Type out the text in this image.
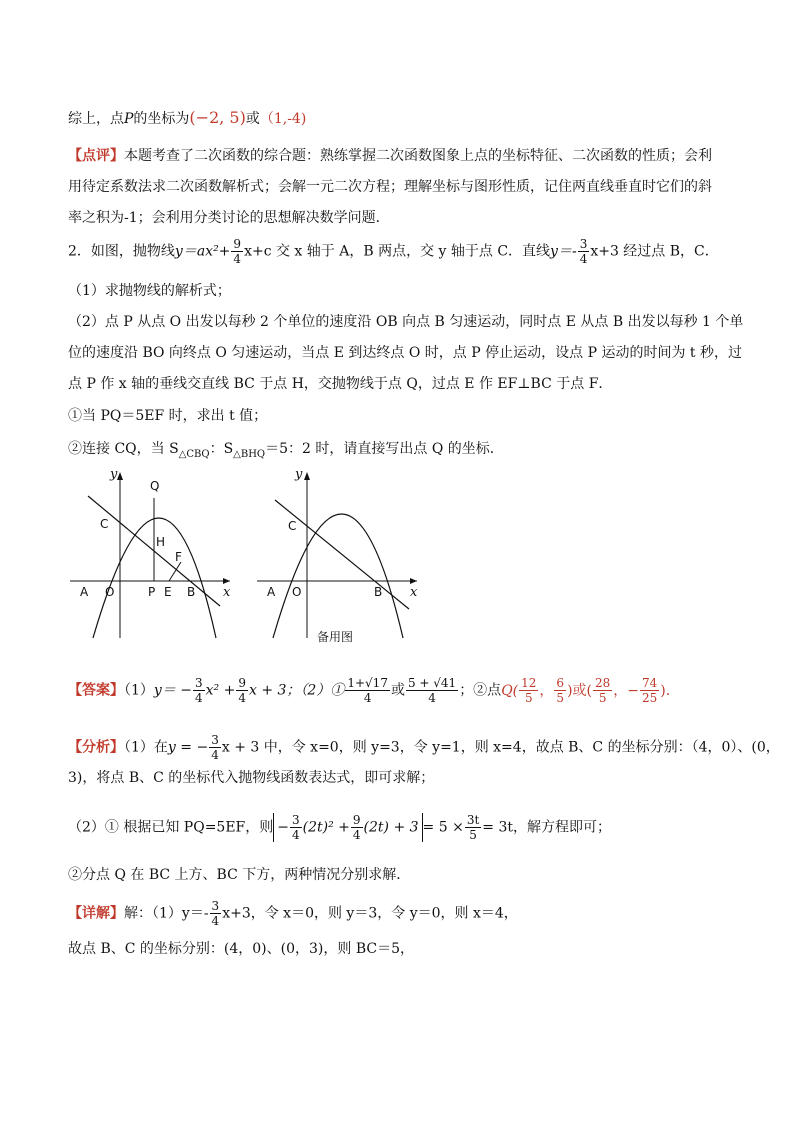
综上，点P的坐标为(−2, 5)或（1,-4)
【点评】本题考查了二次函数的综合题：熟练掌握二次函数图象上点的坐标特征、二次函数的性质；会利
用待定系数法求二次函数解析式；会解一元二次方程；理解坐标与图形性质，记住两直线垂直时它们的斜
率之积为-1；会利用分类讨论的思想解决数学问题．
2．如图，抛物线$y=ax^2+ \frac{9}{4} x+c$ 交 x 轴于 A，B 两点，交 y 轴于点 C．直线$y=- \frac{3}{4} x+3$ 经过点 B，C．
（1）求抛物线的解析式；
（2）点 P 从点 O 出发以每秒 2 个单位的速度沿 OB 向点 B 匀速运动，同时点 E 从点 B 出发以每秒 1 个单
位的速度沿 BO 向终点 O 匀速运动，当点 E 到达终点 O 时，点 P 停止运动，设点 P 运动的时间为 t 秒，过
点 P 作 x 轴的垂线交直线 BC 于点 H，交抛物线于点 Q，过点 E 作 EF⊥BC 于点 F．
①当 PQ＝5EF 时，求出 t 值；
②连接 CQ，当 $S_{\triangle CBQ}$：$S_{\triangle BHQ}=5$：2 时，请直接写出点 Q 的坐标．
y
x
Q
C
H
F
A O	P E B
y
x
C
A O	B
备用图
【答案】$(1)y= - \frac{3}{4} x^2 + \frac{9}{4}$ x + 3；（2）① $\frac{1+√17}{4}$ 或 $\frac{5 + √41}{4}$ ；②点$Q( \frac{12}{5}$ ， $\frac{6}{5}$ )或( $\frac{28}{5}$ ，− $\frac{74}{25}$ ).
【分析】（1）在y = − $\frac{3}{4}$ x + 3 中，令 x=0，则 y=3，令 y=1，则 x=4，故点 B、C 的坐标分别：（4，0）、(0，
3)，将点 B、C 的坐标代入抛物线函数表达式，即可求解；
（2）① 根据已知 PQ=5EF，则 − $\frac{3}{4} (2t)^2 + \frac{9}{4} (2t) + 3 = 5 \times \frac{3t}{5} = 3t$，解方程即可；
②分点 Q 在 BC 上方、BC 下方，两种情况分别求解．
【详解】解：$(1)y=- \frac{3}{4} x+3$，令 x＝0，则 y＝3，令 y＝0，则 x＝4，
故点 B、C 的坐标分别：(4，0)、(0，3)，则 BC＝5，
